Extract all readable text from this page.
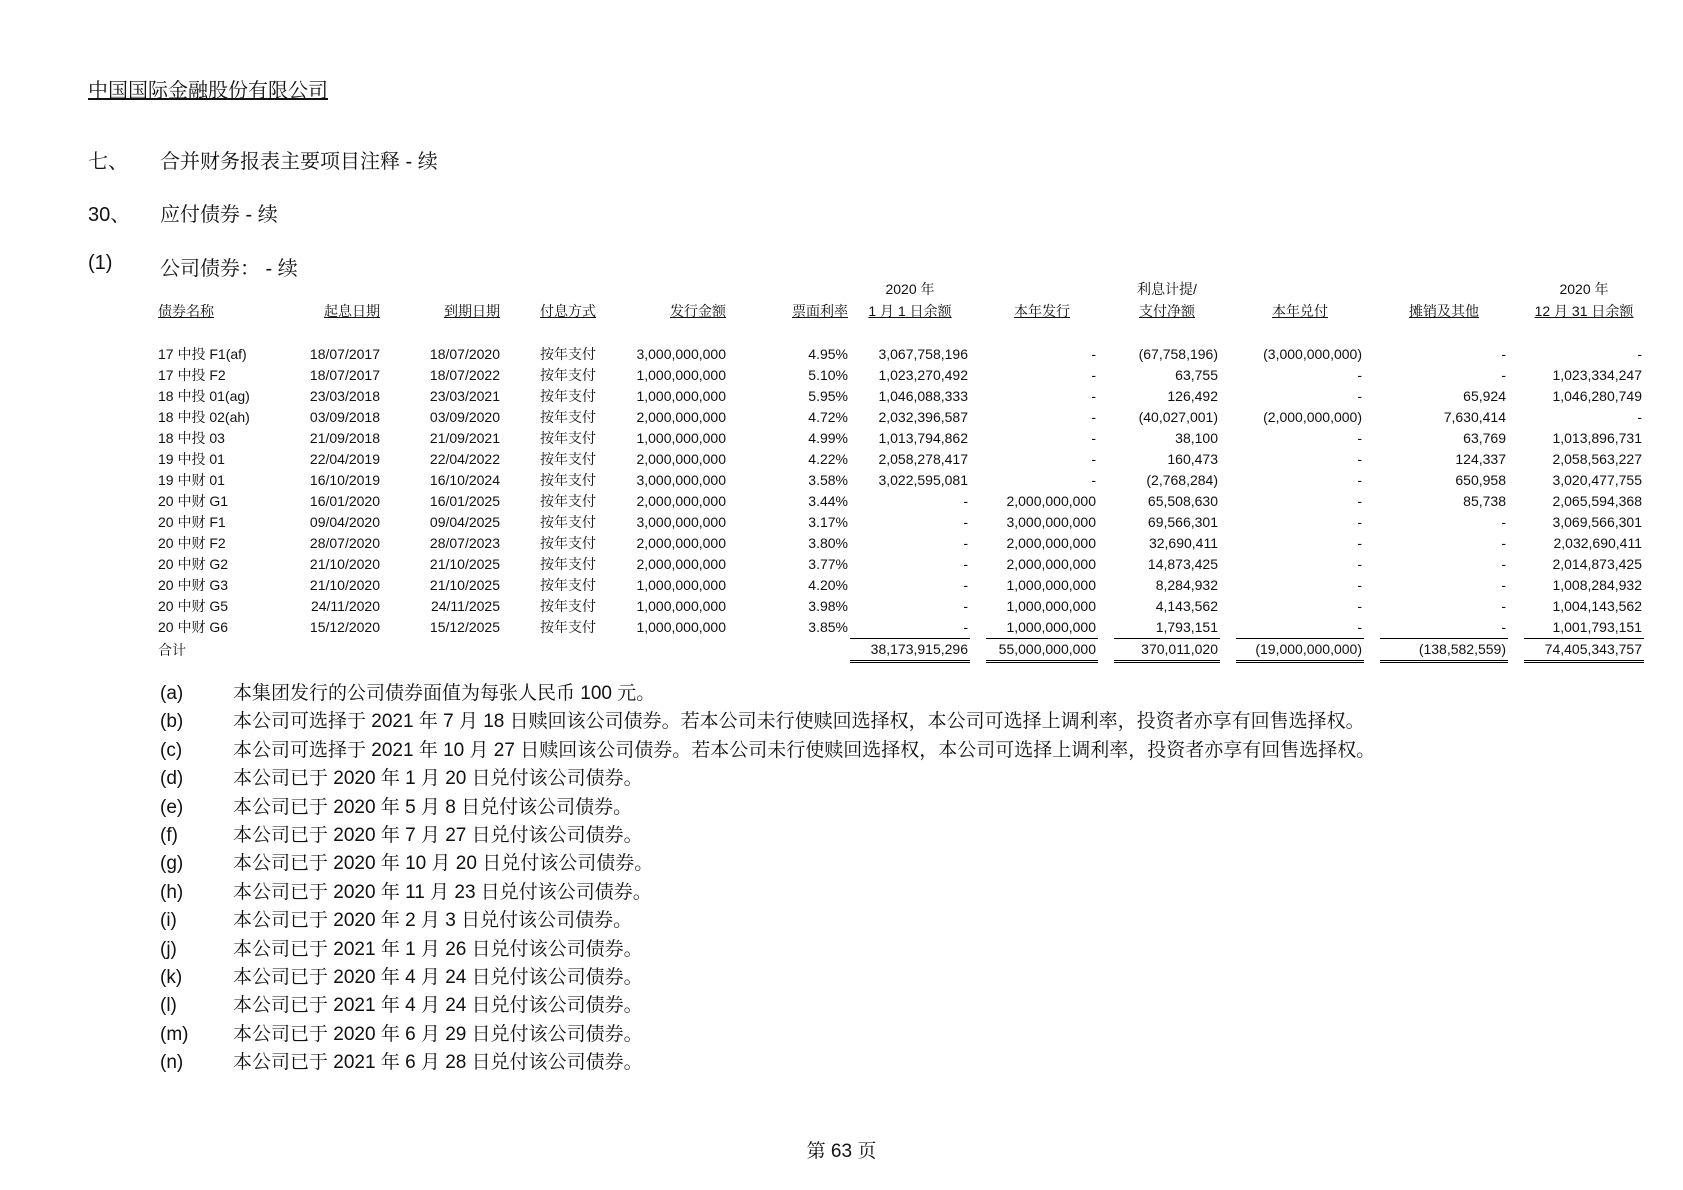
中国国际金融股份有限公司
七、 合并财务报表主要项目注释 - 续
30、 应付债券 - 续
(1) 公司债券： - 续
						2020 年				利息计提/						2020 年
债券名称	起息日期	到期日期	付息方式	发行金额	票面利率	1 月 1 日余额		本年发行		支付净额		本年兑付		摊销及其他		12 月 31 日余额

17 中投 F1(af)	18/07/2017	18/07/2020	按年支付	3,000,000,000	4.95%	3,067,758,196		-		(67,758,196)		(3,000,000,000)		-		-
17 中投 F2	18/07/2017	18/07/2022	按年支付	1,000,000,000	5.10%	1,023,270,492		-		63,755		-		-		1,023,334,247
18 中投 01(ag)	23/03/2018	23/03/2021	按年支付	1,000,000,000	5.95%	1,046,088,333		-		126,492		-		65,924		1,046,280,749
18 中投 02(ah)	03/09/2018	03/09/2020	按年支付	2,000,000,000	4.72%	2,032,396,587		-		(40,027,001)		(2,000,000,000)		7,630,414		-
18 中投 03	21/09/2018	21/09/2021	按年支付	1,000,000,000	4.99%	1,013,794,862		-		38,100		-		63,769		1,013,896,731
19 中投 01	22/04/2019	22/04/2022	按年支付	2,000,000,000	4.22%	2,058,278,417		-		160,473		-		124,337		2,058,563,227
19 中财 01	16/10/2019	16/10/2024	按年支付	3,000,000,000	3.58%	3,022,595,081		-		(2,768,284)		-		650,958		3,020,477,755
20 中财 G1	16/01/2020	16/01/2025	按年支付	2,000,000,000	3.44%	-		2,000,000,000		65,508,630		-		85,738		2,065,594,368
20 中财 F1	09/04/2020	09/04/2025	按年支付	3,000,000,000	3.17%	-		3,000,000,000		69,566,301		-		-		3,069,566,301
20 中财 F2	28/07/2020	28/07/2023	按年支付	2,000,000,000	3.80%	-		2,000,000,000		32,690,411		-		-		2,032,690,411
20 中财 G2	21/10/2020	21/10/2025	按年支付	2,000,000,000	3.77%	-		2,000,000,000		14,873,425		-		-		2,014,873,425
20 中财 G3	21/10/2020	21/10/2025	按年支付	1,000,000,000	4.20%	-		1,000,000,000		8,284,932		-		-		1,008,284,932
20 中财 G5	24/11/2020	24/11/2025	按年支付	1,000,000,000	3.98%	-		1,000,000,000		4,143,562		-		-		1,004,143,562
20 中财 G6	15/12/2020	15/12/2025	按年支付	1,000,000,000	3.85%	-		1,000,000,000		1,793,151		-		-		1,001,793,151
合计						38,173,915,296		55,000,000,000		370,011,020		(19,000,000,000)		(138,582,559)		74,405,343,757
(a)	本集团发行的公司债券面值为每张人民币 100 元。
(b)	本公司可选择于 2021 年 7 月 18 日赎回该公司债券。若本公司未行使赎回选择权，本公司可选择上调利率，投资者亦享有回售选择权。
(c)	本公司可选择于 2021 年 10 月 27 日赎回该公司债券。若本公司未行使赎回选择权，本公司可选择上调利率，投资者亦享有回售选择权。
(d)	本公司已于 2020 年 1 月 20 日兑付该公司债券。
(e)	本公司已于 2020 年 5 月 8 日兑付该公司债券。
(f)	本公司已于 2020 年 7 月 27 日兑付该公司债券。
(g)	本公司已于 2020 年 10 月 20 日兑付该公司债券。
(h)	本公司已于 2020 年 11 月 23 日兑付该公司债券。
(i)	本公司已于 2020 年 2 月 3 日兑付该公司债券。
(j)	本公司已于 2021 年 1 月 26 日兑付该公司债券。
(k)	本公司已于 2020 年 4 月 24 日兑付该公司债券。
(l)	本公司已于 2021 年 4 月 24 日兑付该公司债券。
(m)	本公司已于 2020 年 6 月 29 日兑付该公司债券。
(n)	本公司已于 2021 年 6 月 28 日兑付该公司债券。
第 63 页
